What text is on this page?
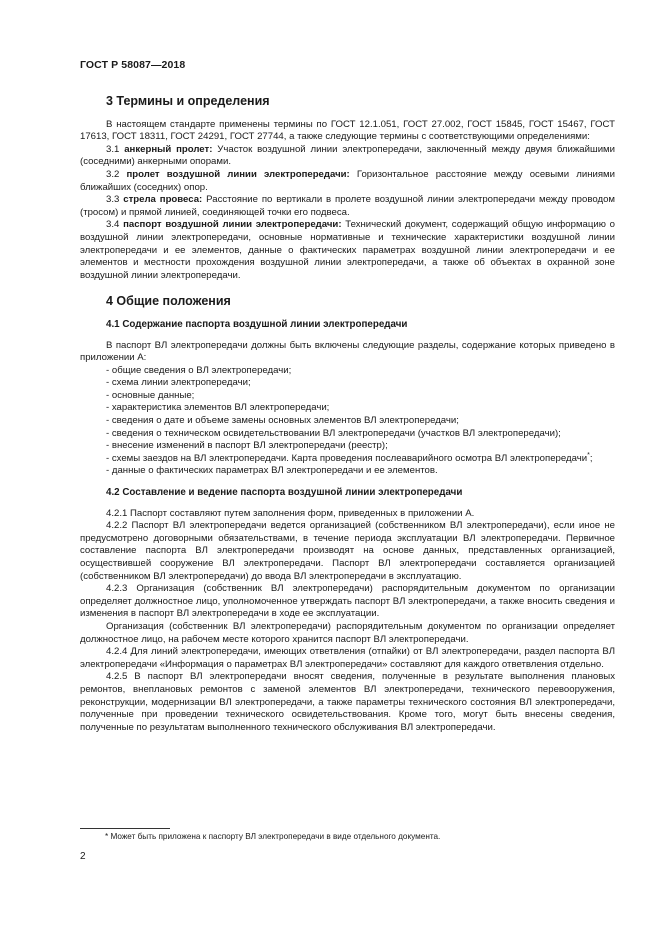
ГОСТ Р 58087—2018
3 Термины и определения

В настоящем стандарте применены термины по ГОСТ 12.1.051, ГОСТ 27.002, ГОСТ 15845, ГОСТ 15467, ГОСТ 17613, ГОСТ 18311, ГОСТ 24291, ГОСТ 27744, а также следующие термины с соответствующими определениями:

3.1 анкерный пролет: Участок воздушной линии электропередачи, заключенный между двумя ближайшими (соседними) анкерными опорами.

3.2 пролет воздушной линии электропередачи: Горизонтальное расстояние между осевыми линиями ближайших (соседних) опор.

3.3 стрела провеса: Расстояние по вертикали в пролете воздушной линии электропередачи между проводом (тросом) и прямой линией, соединяющей точки его подвеса.

3.4 паспорт воздушной линии электропередачи: Технический документ, содержащий общую информацию о воздушной линии электропередачи, основные нормативные и технические характеристики воздушной линии электропередачи и ее элементов, данные о фактических параметрах воздушной линии электропередачи и ее элементов и местности прохождения воздушной линии электропередачи, а также об объектах в охранной зоне воздушной линии электропередачи.

4 Общие положения
4.1 Содержание паспорта воздушной линии электропередачи

В паспорт ВЛ электропередачи должны быть включены следующие разделы, содержание которых приведено в приложении А:

- общие сведения о ВЛ электропередачи;

- схема линии электропередачи;

- основные данные;

- характеристика элементов ВЛ электропередачи;

- сведения о дате и объеме замены основных элементов ВЛ электропередачи;

- сведения о техническом освидетельствовании ВЛ электропередачи (участков ВЛ электропередачи);

- внесение изменений в паспорт ВЛ электропередачи (реестр);

- схемы заездов на ВЛ электропередачи. Карта проведения послеаварийного осмотра ВЛ электропередачи*;

- данные о фактических параметрах ВЛ электропередачи и ее элементов.

4.2 Составление и ведение паспорта воздушной линии электропередачи

4.2.1 Паспорт составляют путем заполнения форм, приведенных в приложении А.

4.2.2 Паспорт ВЛ электропередачи ведется организацией (собственником ВЛ электропередачи), если иное не предусмотрено договорными обязательствами, в течение периода эксплуатации ВЛ электропередачи. Первичное составление паспорта ВЛ электропередачи производят на основе данных, представленных организацией, осуществившей сооружение ВЛ электропередачи. Паспорт ВЛ электропередачи составляется организацией (собственником ВЛ электропередачи) до ввода ВЛ электропередачи в эксплуатацию.

4.2.3 Организация (собственник ВЛ электропередачи) распорядительным документом по организации определяет должностное лицо, уполномоченное утверждать паспорт ВЛ электропередачи, а также вносить сведения и изменения в паспорт ВЛ электропередачи в ходе ее эксплуатации.

Организация (собственник ВЛ электропередачи) распорядительным документом по организации определяет должностное лицо, на рабочем месте которого хранится паспорт ВЛ электропередачи.

4.2.4 Для линий электропередачи, имеющих ответвления (отпайки) от ВЛ электропередачи, раздел паспорта ВЛ электропередачи «Информация о параметрах ВЛ электропередачи» составляют для каждого ответвления отдельно.

4.2.5 В паспорт ВЛ электропередачи вносят сведения, полученные в результате выполнения плановых ремонтов, внеплановых ремонтов с заменой элементов ВЛ электропередачи, технического перевооружения, реконструкции, модернизации ВЛ электропередачи, а также параметры технического состояния ВЛ электропередачи, полученные при проведении технического освидетельствования. Кроме того, могут быть внесены сведения, полученные по результатам выполненного технического обслуживания ВЛ электропередачи.

* Может быть приложена к паспорту ВЛ электропередачи в виде отдельного документа.
2
